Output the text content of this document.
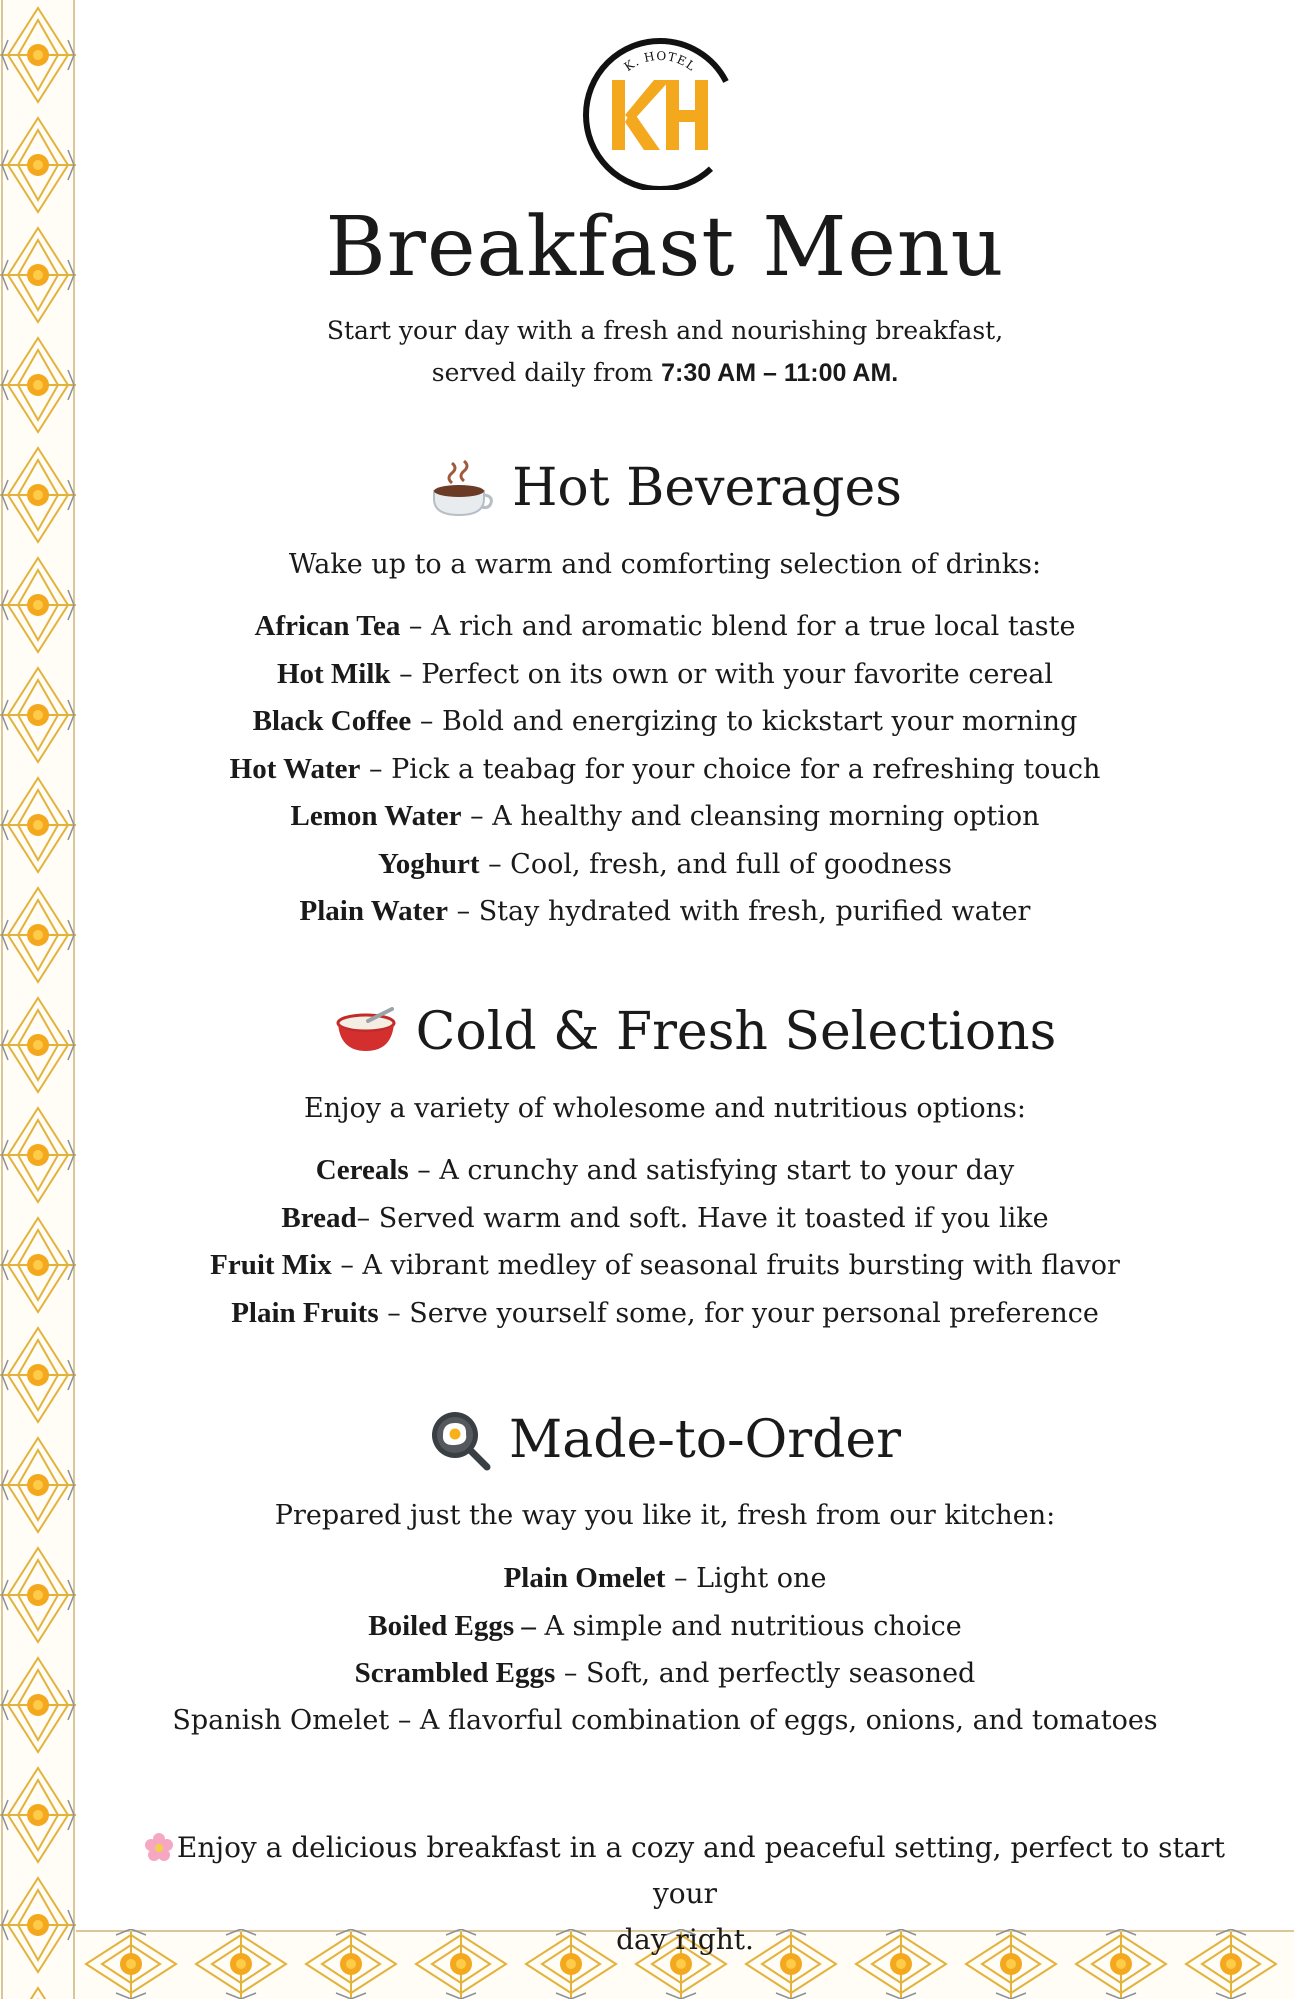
K. HOTEL
Breakfast Menu
Start your day with a fresh and nourishing breakfast,
served daily from 7:30 AM – 11:00 AM.
Hot Beverages
Wake up to a warm and comforting selection of drinks:
African Tea – A rich and aromatic blend for a true local taste
Hot Milk – Perfect on its own or with your favorite cereal
Black Coffee – Bold and energizing to kickstart your morning
Hot Water – Pick a teabag for your choice for a refreshing touch
Lemon Water – A healthy and cleansing morning option
Yoghurt – Cool, fresh, and full of goodness
Plain Water – Stay hydrated with fresh, purified water
Cold & Fresh Selections
Enjoy a variety of wholesome and nutritious options:
Cereals – A crunchy and satisfying start to your day
Bread– Served warm and soft. Have it toasted if you like
Fruit Mix – A vibrant medley of seasonal fruits bursting with flavor
Plain Fruits – Serve yourself some, for your personal preference
Made-to-Order
Prepared just the way you like it, fresh from our kitchen:
Plain Omelet – Light one
Boiled Eggs – A simple and nutritious choice
Scrambled Eggs – Soft, and perfectly seasoned
Spanish Omelet – A flavorful combination of eggs, onions, and tomatoes
Enjoy a delicious breakfast in a cozy and peaceful setting, perfect to start your
day right.
